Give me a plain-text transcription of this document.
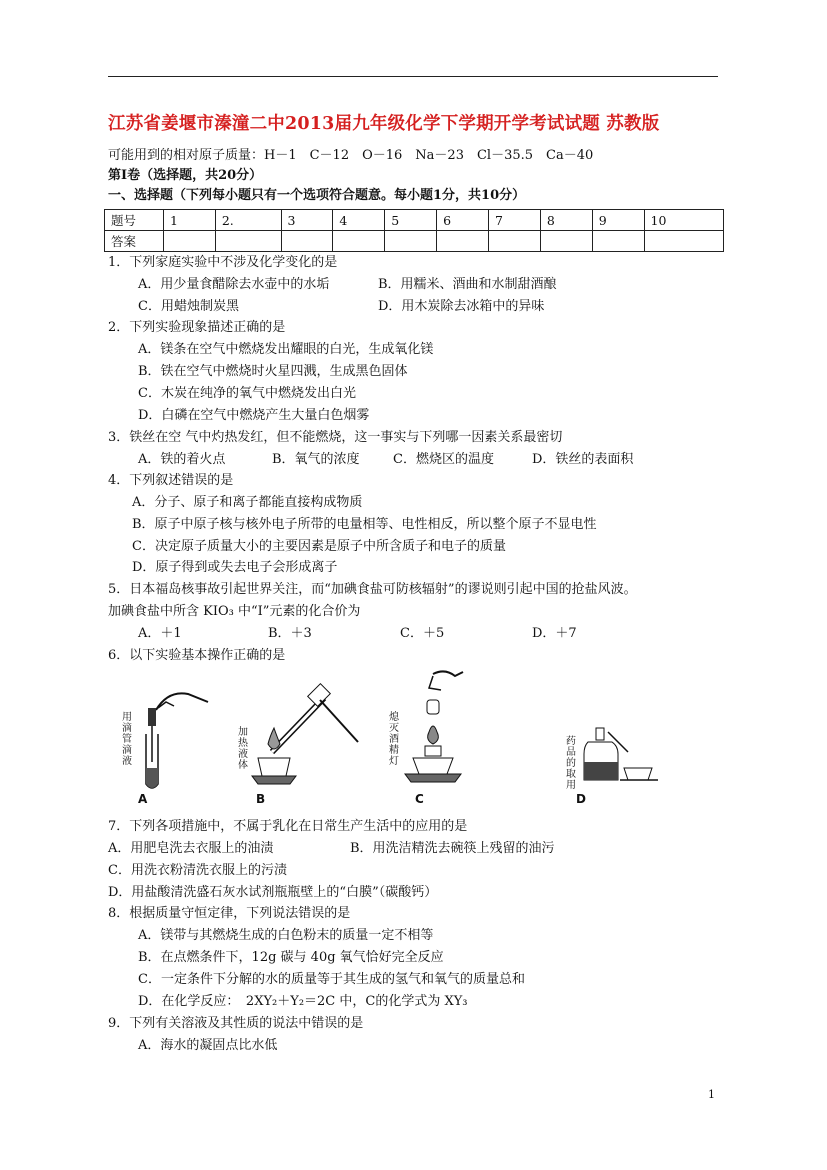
江苏省姜堰市溱潼二中2013届九年级化学下学期开学考试试题 苏教版
可能用到的相对原子质量：H－1　C－12　O－16　Na－23　Cl－35.5　Ca－40
第Ⅰ卷（选择题，共20分）
一、选择题（下列每小题只有一个选项符合题意。每小题1分，共10分）
题号	1	2.	3	4	5	6	7	8	9	10
答案										
1．下列家庭实验中不涉及化学变化的是
A．用少量食醋除去水壶中的水垢	B．用糯米、酒曲和水制甜酒酿
C．用蜡烛制炭黑	D．用木炭除去冰箱中的异味
2．下列实验现象描述正确的是
A．镁条在空气中燃烧发出耀眼的白光，生成氧化镁
B．铁在空气中燃烧时火星四溅，生成黑色固体
C．木炭在纯净的氧气中燃烧发出白光
D．白磷在空气中燃烧产生大量白色烟雾
3．铁丝在空 气中灼热发红，但不能燃烧，这一事实与下列哪一因素关系最密切
A．铁的着火点	B．氧气的浓度	C．燃烧区的温度	D．铁丝的表面积
4．下列叙述错误的是
A．分子、原子和离子都能直接构成物质
B．原子中原子核与核外电子所带的电量相等、电性相反，所以整个原子不显电性
C．决定原子质量大小的主要因素是原子中所含质子和电子的质量
D．原子得到或失去电子会形成离子
5．日本福岛核事故引起世界关注，而“加碘食盐可防核辐射”的谬说则引起中国的抢盐风波。
加碘食盐中所含 KIO₃ 中“I”元素的化合价为
A．＋1	B．＋3	C．＋5	D．＋7
6．以下实验基本操作正确的是
用滴管滴液
A
加热液体
B
熄灭酒精灯
C
药品的取用
D
7．下列各项措施中，不属于乳化在日常生产生活中的应用的是
A．用肥皂洗去衣服上的油渍	B．用洗洁精洗去碗筷上残留的油污
C．用洗衣粉清洗衣服上的污渍
D．用盐酸清洗盛石灰水试剂瓶瓶壁上的“白膜”（碳酸钙）
8．根据质量守恒定律，下列说法错误的是
A．镁带与其燃烧生成的白色粉末的质量一定不相等
B．在点燃条件下，12g 碳与 40g 氧气恰好完全反应
C．一定条件下分解的水的质量等于其生成的氢气和氧气的质量总和
D．在化学反应：　2XY₂＋Y₂＝2C 中，C的化学式为 XY₃
9．下列有关溶液及其性质的说法中错误的是
A．海水的凝固点比水低
1
